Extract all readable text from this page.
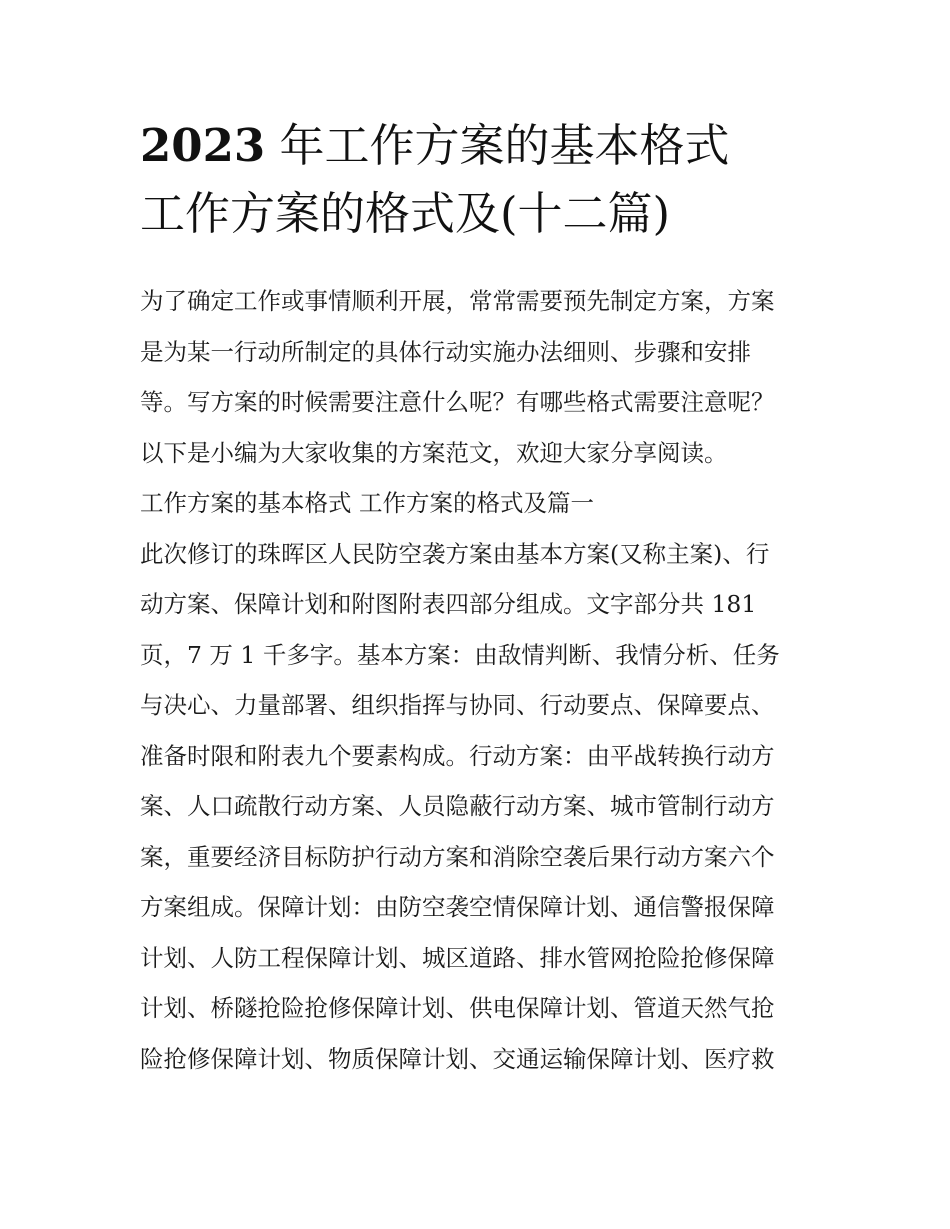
2023 年工作方案的基本格式
工作方案的格式及(十二篇)
为了确定工作或事情顺利开展，常常需要预先制定方案，方案
是为某一行动所制定的具体行动实施办法细则、步骤和安排
等。写方案的时候需要注意什么呢？有哪些格式需要注意呢？
以下是小编为大家收集的方案范文，欢迎大家分享阅读。
工作方案的基本格式 工作方案的格式及篇一
此次修订的珠晖区人民防空袭方案由基本方案(又称主案)、行
动方案、保障计划和附图附表四部分组成。文字部分共 181
页，7 万 1 千多字。基本方案：由敌情判断、我情分析、任务
与决心、力量部署、组织指挥与协同、行动要点、保障要点、
准备时限和附表九个要素构成。行动方案：由平战转换行动方
案、人口疏散行动方案、人员隐蔽行动方案、城市管制行动方
案，重要经济目标防护行动方案和消除空袭后果行动方案六个
方案组成。保障计划：由防空袭空情保障计划、通信警报保障
计划、人防工程保障计划、城区道路、排水管网抢险抢修保障
计划、桥隧抢险抢修保障计划、供电保障计划、管道天然气抢
险抢修保障计划、物质保障计划、交通运输保障计划、医疗救
